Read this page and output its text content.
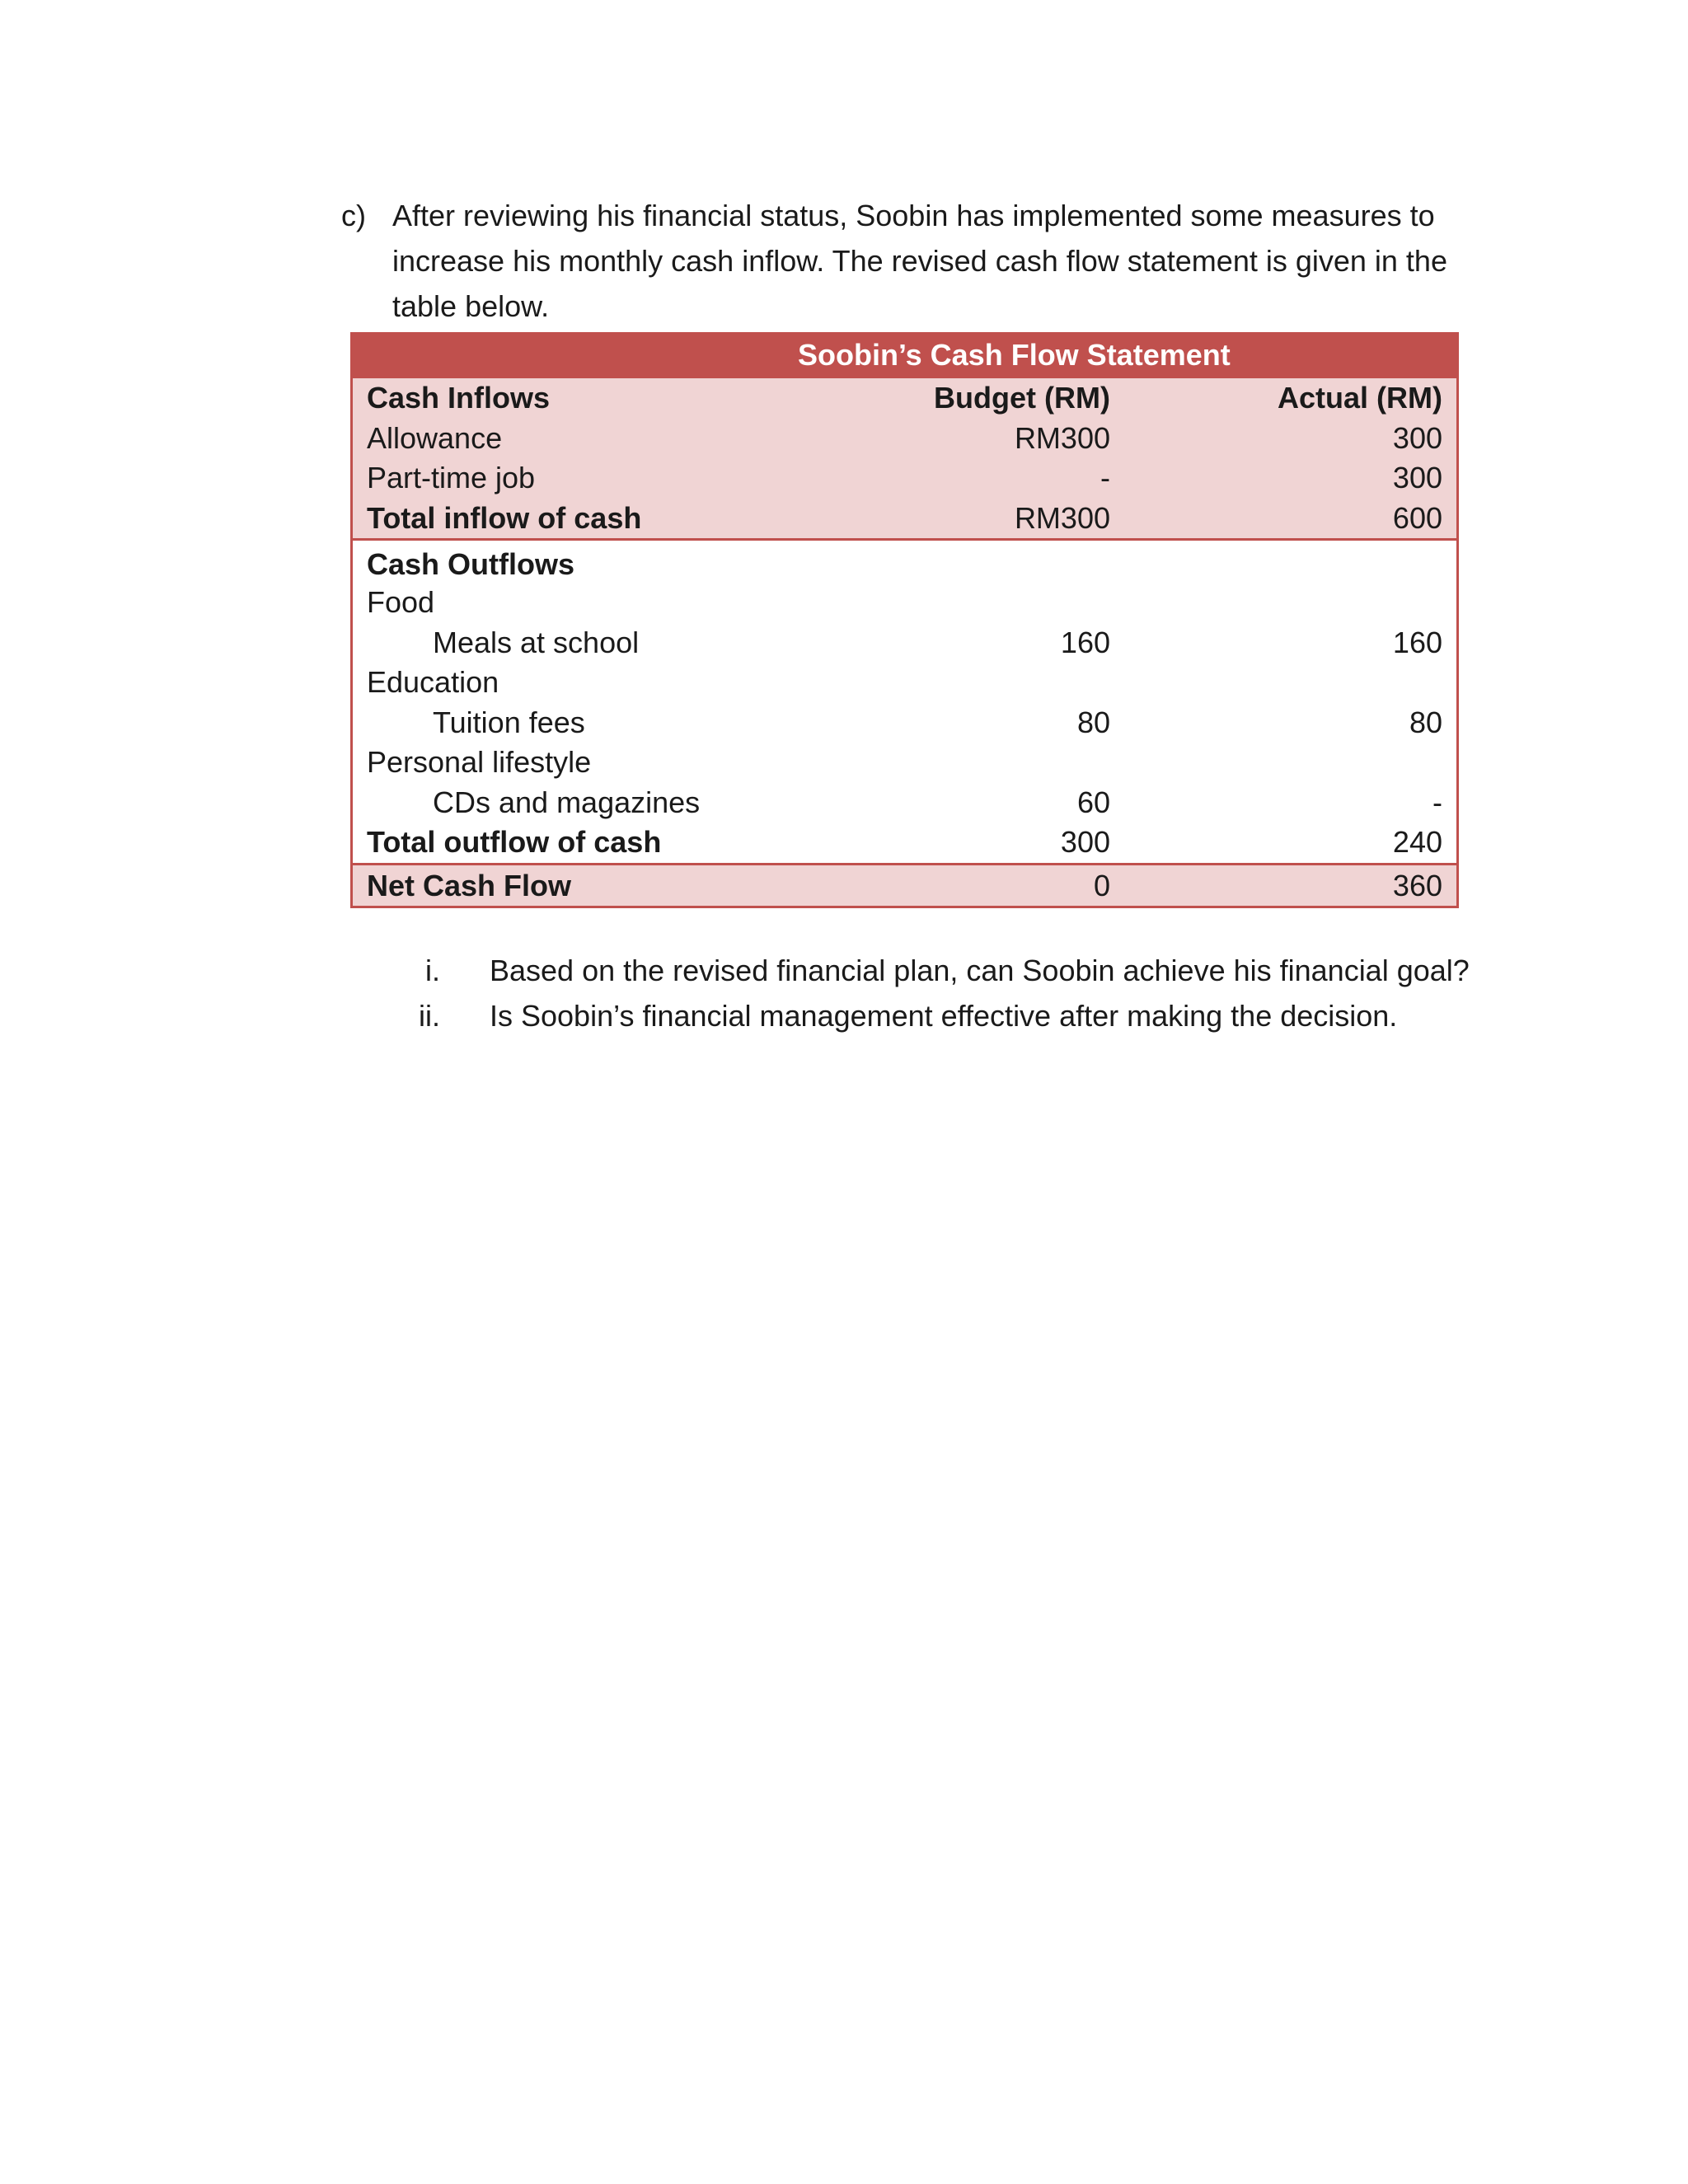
c) After reviewing his financial status, Soobin has implemented some measures to increase his monthly cash inflow. The revised cash flow statement is given in the table below.
Soobin’s Cash Flow Statement
Cash Inflows	Budget (RM)	Actual (RM)
Allowance	RM300	300
Part-time job	-	300
Total inflow of cash	RM300	600
Cash Outflows
Food
Meals at school	160	160
Education
Tuition fees	80	80
Personal lifestyle
CDs and magazines	60	-
Total outflow of cash	300	240
Net Cash Flow	0	360
i. Based on the revised financial plan, can Soobin achieve his financial goal?
ii. Is Soobin’s financial management effective after making the decision.
